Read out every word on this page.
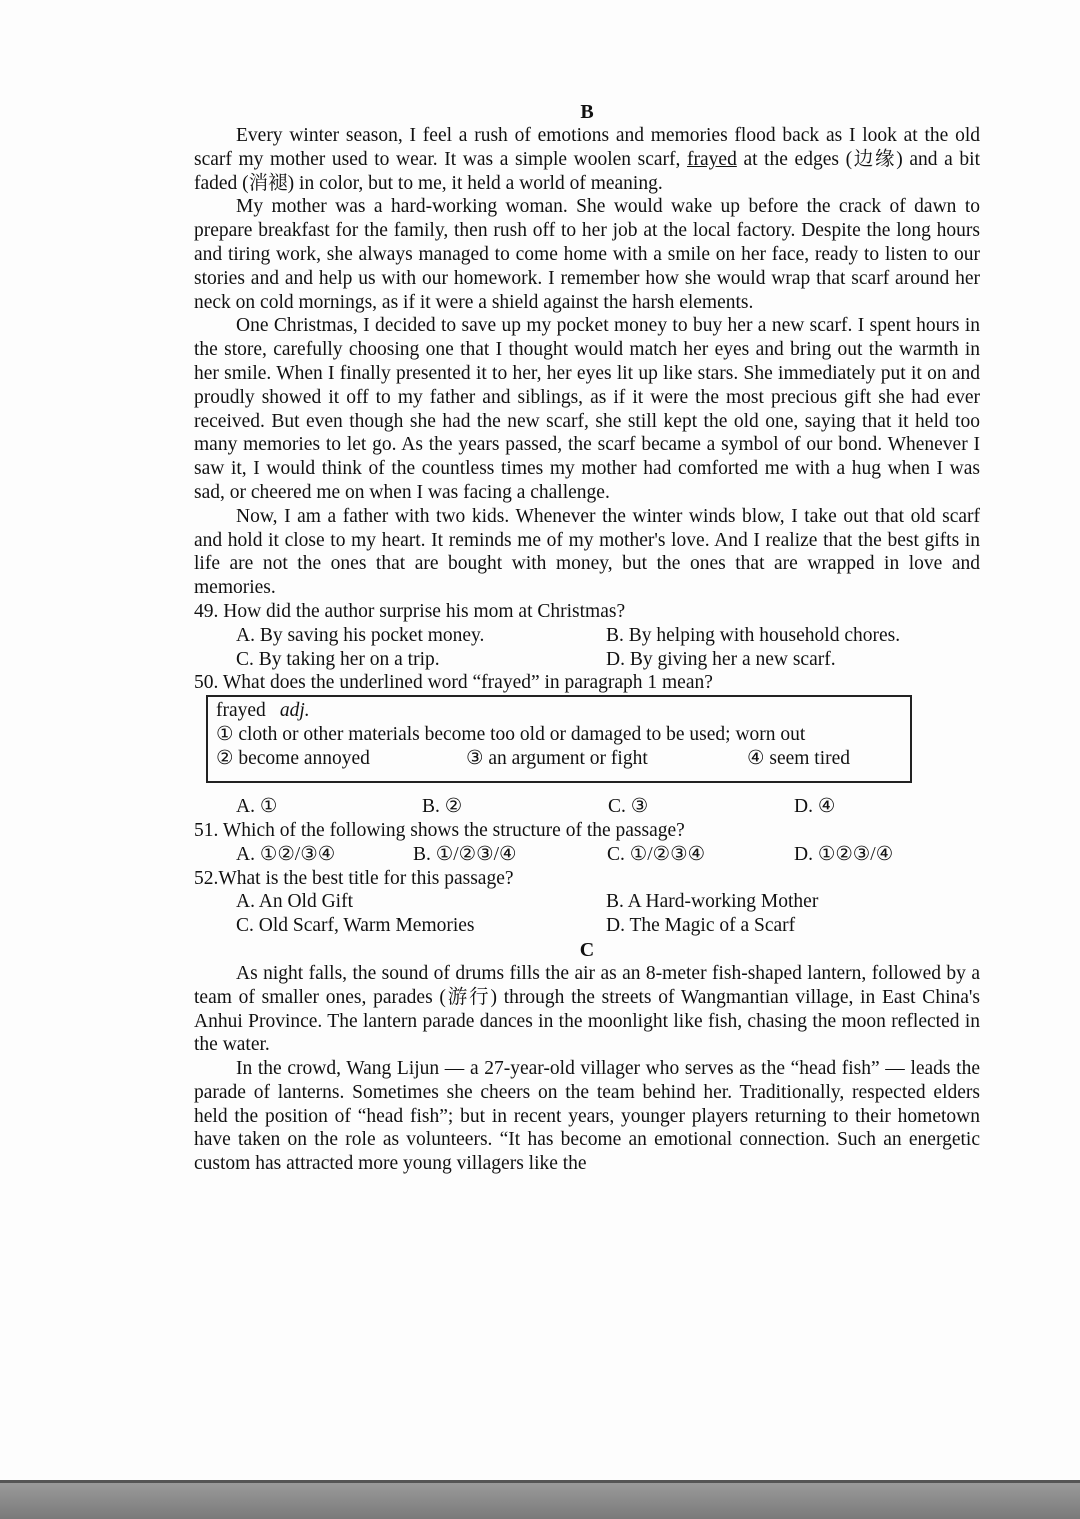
B

Every winter season, I feel a rush of emotions and memories flood back as I look at the old scarf my mother used to wear. It was a simple woolen scarf, frayed at the edges (边缘) and a bit faded (消褪) in color, but to me, it held a world of meaning.

My mother was a hard-working woman. She would wake up before the crack of dawn to prepare breakfast for the family, then rush off to her job at the local factory. Despite the long hours and tiring work, she always managed to come home with a smile on her face, ready to listen to our stories and and help us with our homework. I remember how she would wrap that scarf around her neck on cold mornings, as if it were a shield against the harsh elements.

One Christmas, I decided to save up my pocket money to buy her a new scarf. I spent hours in the store, carefully choosing one that I thought would match her eyes and bring out the warmth in her smile. When I finally presented it to her, her eyes lit up like stars. She immediately put it on and proudly showed it off to my father and siblings, as if it were the most precious gift she had ever received. But even though she had the new scarf, she still kept the old one, saying that it held too many memories to let go. As the years passed, the scarf became a symbol of our bond. Whenever I saw it, I would think of the countless times my mother had comforted me with a hug when I was sad, or cheered me on when I was facing a challenge.

Now, I am a father with two kids. Whenever the winter winds blow, I take out that old scarf and hold it close to my heart. It reminds me of my mother's love. And I realize that the best gifts in life are not the ones that are bought with money, but the ones that are wrapped in love and memories.

49. How did the author surprise his mom at Christmas?
A. By saving his pocket money.	B. By helping with household chores.
C. By taking her on a trip.	D. By giving her a new scarf.
50. What does the underlined word “frayed” in paragraph 1 mean?
frayed adj.
① cloth or other materials become too old or damaged to be used; worn out
② become annoyed	③ an argument or fight	④ seem tired
A. ①	B. ②	C. ③	D. ④
51. Which of the following shows the structure of the passage?
A. ①②/③④	B. ①/②③/④	C. ①/②③④	D. ①②③/④
52.What is the best title for this passage?
A. An Old Gift	B. A Hard-working Mother
C. Old Scarf, Warm Memories	D. The Magic of a Scarf
C

As night falls, the sound of drums fills the air as an 8-meter fish-shaped lantern, followed by a team of smaller ones, parades (游行) through the streets of Wangmantian village, in East China's Anhui Province. The lantern parade dances in the moonlight like fish, chasing the moon reflected in the water.

In the crowd, Wang Lijun — a 27-year-old villager who serves as the “head fish” — leads the parade of lanterns. Sometimes she cheers on the team behind her. Traditionally, respected elders held the position of “head fish”; but in recent years, younger players returning to their hometown have taken on the role as volunteers. “It has become an emotional connection. Such an energetic custom has attracted more young villagers like the
